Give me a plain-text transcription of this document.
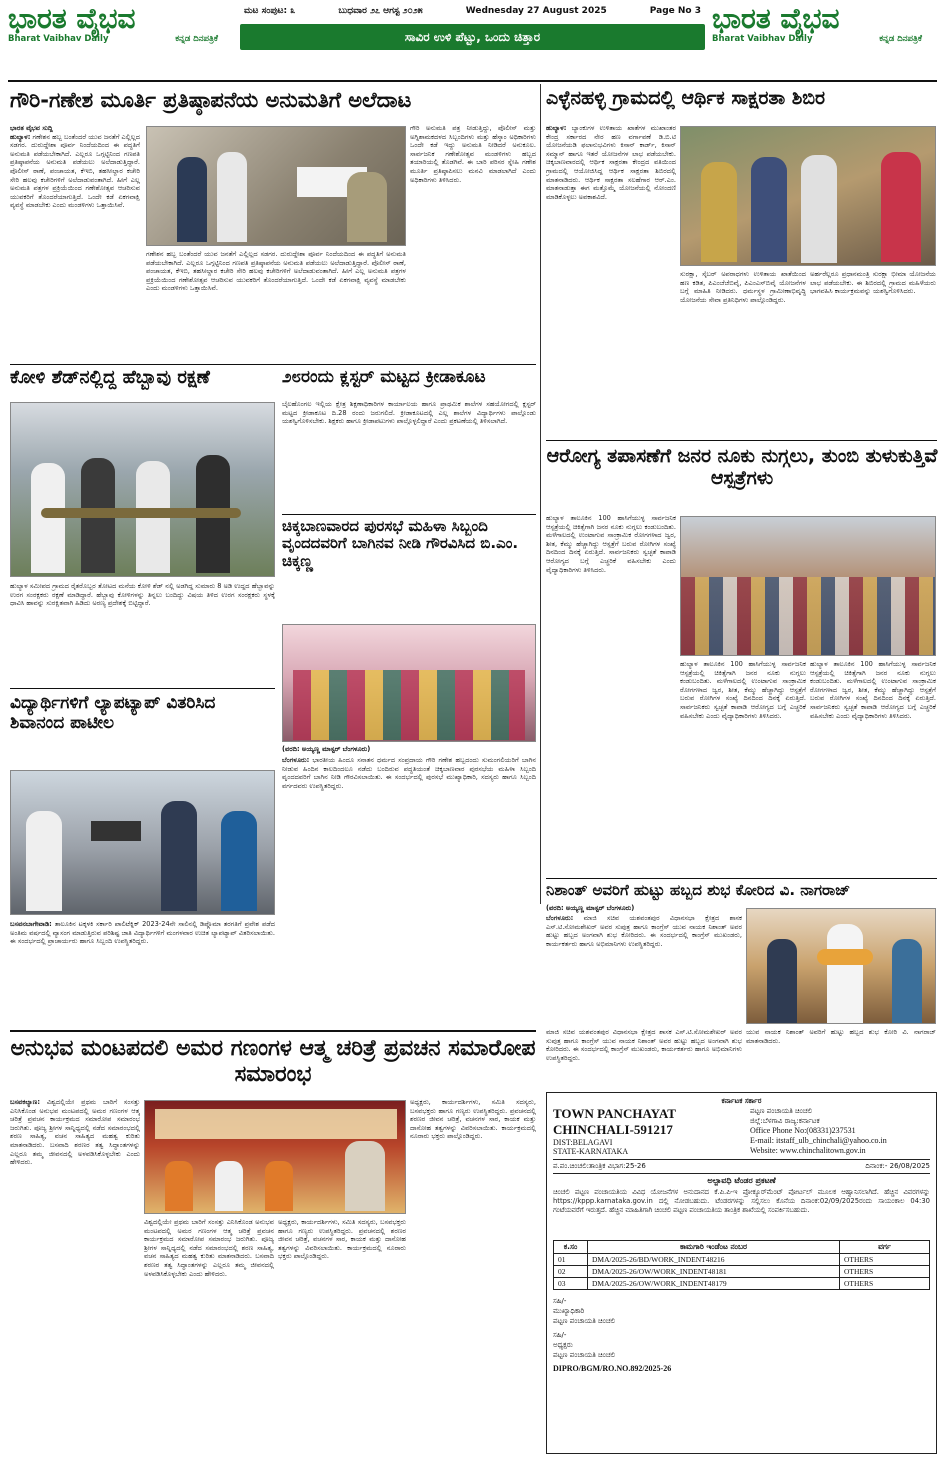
ಭಾರತ ವೈಭವ
Bharat Vaibhav Daily	ಕನ್ನಡ ದಿನಪತ್ರಿಕೆ
ಮಟ ಸಂಪುಟ: ೩	ಬುಧವಾರ ೨೭ ಆಗಸ್ಟ ೨೦೨೫	Wednesday 27 August 2025	Page No 3
ಸಾವಿರ ಉಳಿ ಪೆಟ್ಟು, ಒಂದು ಚಿತ್ತಾರ
ಭಾರತ ವೈಭವ
Bharat Vaibhav Daily	ಕನ್ನಡ ದಿನಪತ್ರಿಕೆ
ಗೌರಿ-ಗಣೇಶ ಮೂರ್ತಿ ಪ್ರತಿಷ್ಠಾಪನೆಯ ಅನುಮತಿಗೆ ಅಲೆದಾಟ
ಭಾರತ ವೈಭವ ಸುದ್ದಿ
ಹುಲ್ಯಾಳ: ಗಣೇಶನ ಹಬ್ಬ ಬಂತೆಂದರೆ ಯುವ ಜನತೆಗೆ ಎಲ್ಲಿಲ್ಲದ ಸಡಗರ. ದುರುದ್ದೇಶಾ ಪೂರ್ವ ನಿಂದೆಯದಿಂದ ಈ ಪದ್ಧತಿಗೆ ಅನುಮತಿ ಪಡೆಯಬೇಕಾಗಿದೆ. ಎಲ್ಲರೂ ಒಗ್ಗಟ್ಟಿನಿಂದ ಗಣಪತಿ ಪ್ರತಿಷ್ಠಾಪನೆಯ ಅನುಮತಿ ಪಡೆಯಲು ಅಲೆದಾಡುತ್ತಿದ್ದಾರೆ. ಪೊಲೀಸ್ ಠಾಣೆ, ಪಂಚಾಯತ, ಕೆಇಬಿ, ತಹಸೀಲ್ದಾರ ಕಚೇರಿ ಸೇರಿ ಹಲವು ಕಚೇರಿಗಳಿಗೆ ಅಲೆದಾಡುವಂತಾಗಿದೆ. ಹೀಗೆ ಎಲ್ಲ ಅನುಮತಿ ಪತ್ರಗಳ ಪ್ರಕ್ರಿಯೆಯಿಂದ ಗಣೇಶೋತ್ಸವ ಆಚರಿಸುವ ಯುವಕರಿಗೆ ತೊಂದರೆಯಾಗುತ್ತಿದೆ. ಒಂದೇ ಕಡೆ ಏಕಗವಾಕ್ಷಿ ವ್ಯವಸ್ಥೆ ಮಾಡಬೇಕು ಎಂದು ಮಂಡಳಿಗಳು ಒತ್ತಾಯಿಸಿವೆ.
ಗಣೇಶನ ಹಬ್ಬ ಬಂತೆಂದರೆ ಯುವ ಜನತೆಗೆ ಎಲ್ಲಿಲ್ಲದ ಸಡಗರ. ದುರುದ್ದೇಶಾ ಪೂರ್ವ ನಿಂದೆಯದಿಂದ ಈ ಪದ್ಧತಿಗೆ ಅನುಮತಿ ಪಡೆಯಬೇಕಾಗಿದೆ. ಎಲ್ಲರೂ ಒಗ್ಗಟ್ಟಿನಿಂದ ಗಣಪತಿ ಪ್ರತಿಷ್ಠಾಪನೆಯ ಅನುಮತಿ ಪಡೆಯಲು ಅಲೆದಾಡುತ್ತಿದ್ದಾರೆ. ಪೊಲೀಸ್ ಠಾಣೆ, ಪಂಚಾಯತ, ಕೆಇಬಿ, ತಹಸೀಲ್ದಾರ ಕಚೇರಿ ಸೇರಿ ಹಲವು ಕಚೇರಿಗಳಿಗೆ ಅಲೆದಾಡುವಂತಾಗಿದೆ. ಹೀಗೆ ಎಲ್ಲ ಅನುಮತಿ ಪತ್ರಗಳ ಪ್ರಕ್ರಿಯೆಯಿಂದ ಗಣೇಶೋತ್ಸವ ಆಚರಿಸುವ ಯುವಕರಿಗೆ ತೊಂದರೆಯಾಗುತ್ತಿದೆ. ಒಂದೇ ಕಡೆ ಏಕಗವಾಕ್ಷಿ ವ್ಯವಸ್ಥೆ ಮಾಡಬೇಕು ಎಂದು ಮಂಡಳಿಗಳು ಒತ್ತಾಯಿಸಿವೆ.
ಗೌರಿ ಅನುಮತಿ ಪತ್ರ ನೀಡುತ್ತಿದ್ದು, ಪೊಲೀಸ್ ಮತ್ತು ಅಗ್ನಿಶಾಮಕದಳದ ಸಿಬ್ಬಂದಿಗಳು ಮತ್ತು ಹೆಸ್ಕಾಂ ಅಧಿಕಾರಿಗಳು ಒಂದೇ ಕಡೆ ಇದ್ದು ಅನುಮತಿ ನೀಡಿದರೆ ಅನುಕೂಲ. ಸಾರ್ವಜನಿಕ ಗಣೇಶೋತ್ಸವ ಮಂಡಳಿಗಳು ಹಬ್ಬದ ತಯಾರಿಯಲ್ಲಿ ತೊಡಗಿವೆ. ಈ ಬಾರಿ ಪರಿಸರ ಸ್ನೇಹಿ ಗಣೇಶ ಮೂರ್ತಿ ಪ್ರತಿಷ್ಠಾಪಿಸಲು ಮನವಿ ಮಾಡಲಾಗಿದೆ ಎಂದು ಅಧಿಕಾರಿಗಳು ತಿಳಿಸಿದರು.
ಎಳ್ಳೆನಹಳ್ಳಿ ಗ್ರಾಮದಲ್ಲಿ ಆರ್ಥಿಕ ಸಾಕ್ಷರತಾ ಶಿಬಿರ
ಹುಲ್ಯಾಳ: ಬ್ಯಾಂಕುಗಳ ಉಳಿತಾಯ ಖಾತೆಗಳ ಮುಖಾಂತರ ಕೇಂದ್ರ ಸರ್ಕಾರದ ನೇರ ಹಣ ವರ್ಗಾವಣೆ ಡಿ.ಬಿ.ಟಿ ಯೋಜನೆಯಡಿ ಫಲಾನುಭವಿಗಳು ಕಿಸಾನ್ ಕಾರ್ಡ್, ಕಿಸಾನ್ ಸಮ್ಮಾನ್ ಹಾಗೂ ಇತರೆ ಯೋಜನೆಗಳ ಲಾಭ ಪಡೆಯಬೇಕು. ಚಿಕ್ಕಬಾಣವಾರದಲ್ಲಿ ಆರ್ಥಿಕ ಸಾಕ್ಷರತಾ ಕೇಂದ್ರದ ವತಿಯಿಂದ ಗ್ರಾಮದಲ್ಲಿ ಆಯೋಜಿಸಿದ್ದ ಆರ್ಥಿಕ ಸಾಕ್ಷರತಾ ಶಿಬಿರದಲ್ಲಿ ಮಾತನಾಡಿದರು. ಆರ್ಥಿಕ ಸಾಕ್ಷರತಾ ಸಲಹೆಗಾರ ಆರ್.ಎಂ. ಮಾತನಾಡುತ್ತಾ ಈಗ ಮತ್ತೊಮ್ಮೆ ಯೋಜನೆಯಲ್ಲಿ ನೋಂದಣಿ ಮಾಡಿಕೊಳ್ಳಲು ಅವಕಾಶವಿದೆ.
ಸುರಕ್ಷಾ, ಸೈಬರ್ ಅಪರಾಧಗಳು ಉಳಿತಾಯ ಖಾತೆಯಿಂದ ಹಣ ಕಡಿತ, ಪಿಎಂಜೆಜೆಬಿವೈ, ಪಿಎಂಎಸ್‌ಬಿವೈ ಯೋಜನೆಗಳ ಬಗ್ಗೆ ಮಾಹಿತಿ ನೀಡಿದರು. ಧರ್ಮಸ್ಥಳ ಗ್ರಾಮೀಣಾಭಿವೃದ್ಧಿ ಯೋಜನೆಯ ಸೇವಾ ಪ್ರತಿನಿಧಿಗಳು ಪಾಲ್ಗೊಂಡಿದ್ದರು.
ಅರ್ಹರೆಲ್ಲರೂ ಪ್ರಧಾನಮಂತ್ರಿ ಸುರಕ್ಷಾ ಭೀಮಾ ಯೋಜನೆಯ ಲಾಭ ಪಡೆಯಬೇಕು. ಈ ಶಿಬಿರದಲ್ಲಿ ಗ್ರಾಮದ ಮಹಿಳೆಯರು ಭಾಗವಹಿಸಿ ಕಾರ್ಯಕ್ರಮವನ್ನು ಯಶಸ್ವಿಗೊಳಿಸಿದರು.
ಕೋಳಿ ಶೆಡ್‌ನಲ್ಲಿದ್ದ ಹೆಬ್ಬಾವು ರಕ್ಷಣೆ
ಹುಲ್ಯಾಳ ಸಮೀಪದ ಗ್ರಾಮದ ರೈತರೊಬ್ಬರ ತೋಟದ ಮನೆಯ ಕೋಳಿ ಶೆಡ್ ನಲ್ಲಿ ಅಡಗಿದ್ದ ಸುಮಾರು 8 ಅಡಿ ಉದ್ದದ ಹೆಬ್ಬಾವನ್ನು ಉರಗ ಸಂರಕ್ಷಕರು ರಕ್ಷಣೆ ಮಾಡಿದ್ದಾರೆ. ಹೆಬ್ಬಾವು ಕೋಳಿಗಳನ್ನು ತಿನ್ನಲು ಬಂದಿದ್ದು ವಿಷಯ ತಿಳಿದ ಉರಗ ಸಂರಕ್ಷಕರು ಸ್ಥಳಕ್ಕೆ ಧಾವಿಸಿ ಹಾವನ್ನು ಸುರಕ್ಷಿತವಾಗಿ ಹಿಡಿದು ಅರಣ್ಯ ಪ್ರದೇಶಕ್ಕೆ ಬಿಟ್ಟಿದ್ದಾರೆ.
೨೮ರಂದು ಕ್ಲಸ್ಟರ್ ಮಟ್ಟದ ಕ್ರೀಡಾಕೂಟ
ಬೈಲಹೊಂಗಲ ಇಲ್ಲಿಯ ಕ್ಷೇತ್ರ ಶಿಕ್ಷಣಾಧಿಕಾರಿಗಳ ಕಾರ್ಯಾಲಯ ಹಾಗೂ ಪ್ರಾಥಮಿಕ ಶಾಲೆಗಳ ಸಹಯೋಗದಲ್ಲಿ ಕ್ಲಸ್ಟರ್ ಮಟ್ಟದ ಕ್ರೀಡಾಕೂಟ ದಿ.28 ರಂದು ಜರುಗಲಿದೆ. ಕ್ರೀಡಾಕೂಟದಲ್ಲಿ ಎಲ್ಲ ಶಾಲೆಗಳ ವಿದ್ಯಾರ್ಥಿಗಳು ಪಾಲ್ಗೊಂಡು ಯಶಸ್ವಿಗೊಳಿಸಬೇಕು. ಶಿಕ್ಷಕರು ಹಾಗೂ ಕ್ರೀಡಾಪಟುಗಳು ಪಾಲ್ಗೊಳ್ಳಲಿದ್ದಾರೆ ಎಂದು ಪ್ರಕಟಣೆಯಲ್ಲಿ ತಿಳಿಸಲಾಗಿದೆ.
ಚಿಕ್ಕಬಾಣವಾರದ ಪುರಸಭೆ ಮಹಿಳಾ ಸಿಬ್ಬಂದಿ ವೃಂದದವರಿಗೆ ಬಾಗಿನವ ನೀಡಿ ಗೌರವಿಸಿದ ಬಿ.ಎಂ. ಚಿಕ್ಕಣ್ಣ
(ವರದಿ: ಅಯ್ಯಣ್ಣ ಮಾಸ್ಟರ್ ಬೆಂಗಳೂರು)
ಬೆಂಗಳೂರು: ಭಾರತೀಯ ಹಿಂದೂ ಸನಾತನ ಧರ್ಮದ ಸಂಪ್ರದಾಯ ಗೌರಿ ಗಣೇಶ ಹಬ್ಬದಂದು ಸುಮಂಗಲಿಯರಿಗೆ ಬಾಗಿನ ನೀಡುವ ಹಿಂದಿನ ಕಾಲದಿಂದಲೂ ನಡೆದು ಬಂದಿರುವ ಪದ್ಧತಿಯಂತೆ ಚಿಕ್ಕಬಾಣವಾರ ಪುರಸಭೆಯ ಮಹಿಳಾ ಸಿಬ್ಬಂದಿ ವೃಂದದವರಿಗೆ ಬಾಗಿನ ನೀಡಿ ಗೌರವಿಸಲಾಯಿತು. ಈ ಸಂದರ್ಭದಲ್ಲಿ ಪುರಸಭೆ ಮುಖ್ಯಾಧಿಕಾರಿ, ಸದಸ್ಯರು ಹಾಗೂ ಸಿಬ್ಬಂದಿ ವರ್ಗದವರು ಉಪಸ್ಥಿತರಿದ್ದರು.
ವಿದ್ಯಾರ್ಥಿಗಳಿಗೆ ಲ್ಯಾಪಟ್ಯಾಪ್ ವಿತರಿಸಿದ ಶಿವಾನಂದ ಪಾಟೀಲ
ಬಸವನಬಾಗೇವಾಡಿ: ತಾಲೂಕಿನ ಟಕ್ಕಳಕಿ ಸರ್ಕಾರಿ ಪಾಲಿಟೆಕ್ನಿಕ್ 2023-24ನೇ ಸಾಲಿನಲ್ಲಿ ಡಿಪ್ಲೊಮಾ ತರಗತಿಗೆ ಪ್ರವೇಶ ಪಡೆದ ಅಂತಿಮ ವರ್ಷದಲ್ಲಿ ವ್ಯಾಸಂಗ ಮಾಡುತ್ತಿರುವ ಪರಿಶಿಷ್ಟ ಜಾತಿ ವಿದ್ಯಾರ್ಥಿಗಳಿಗೆ ಮಂಗಳವಾರ ಉಚಿತ ಲ್ಯಾಪಟ್ಯಾಪ್ ವಿತರಿಸಲಾಯಿತು. ಈ ಸಂದರ್ಭದಲ್ಲಿ ಪ್ರಾಚಾರ್ಯರು ಹಾಗೂ ಸಿಬ್ಬಂದಿ ಉಪಸ್ಥಿತರಿದ್ದರು.
ಆರೋಗ್ಯ ತಪಾಸಣೆಗೆ ಜನರ ನೂಕು ನುಗ್ಗಲು, ತುಂಬಿ ತುಳುಕುತ್ತಿವೆ ಆಸ್ಪತ್ರೆಗಳು
ಹುಲ್ಯಾಳ ತಾಲೂಕಿನ 100 ಹಾಸಿಗೆಯುಳ್ಳ ಸಾರ್ವಜನಿಕ ಆಸ್ಪತ್ರೆಯಲ್ಲಿ ಚಿಕಿತ್ಸೆಗಾಗಿ ಜನರ ನೂಕು ನುಗ್ಗಲು ಕಂಡುಬಂದಿತು. ಮಳೆಗಾಲದಲ್ಲಿ ಉಂಟಾಗುವ ಸಾಂಕ್ರಾಮಿಕ ರೋಗಗಳಾದ ಜ್ವರ, ಶೀತ, ಕೆಮ್ಮು ಹೆಚ್ಚಾಗಿದ್ದು ಆಸ್ಪತ್ರೆಗೆ ಬರುವ ರೋಗಿಗಳ ಸಂಖ್ಯೆ ದಿನದಿಂದ ದಿನಕ್ಕೆ ಏರುತ್ತಿದೆ. ಸಾರ್ವಜನಿಕರು ಸ್ವಚ್ಛತೆ ಕಾಪಾಡಿ ಆರೋಗ್ಯದ ಬಗ್ಗೆ ಎಚ್ಚರಿಕೆ ವಹಿಸಬೇಕು ಎಂದು ವೈದ್ಯಾಧಿಕಾರಿಗಳು ತಿಳಿಸಿದರು.
ಹುಲ್ಯಾಳ ತಾಲೂಕಿನ 100 ಹಾಸಿಗೆಯುಳ್ಳ ಸಾರ್ವಜನಿಕ ಆಸ್ಪತ್ರೆಯಲ್ಲಿ ಚಿಕಿತ್ಸೆಗಾಗಿ ಜನರ ನೂಕು ನುಗ್ಗಲು ಕಂಡುಬಂದಿತು. ಮಳೆಗಾಲದಲ್ಲಿ ಉಂಟಾಗುವ ಸಾಂಕ್ರಾಮಿಕ ರೋಗಗಳಾದ ಜ್ವರ, ಶೀತ, ಕೆಮ್ಮು ಹೆಚ್ಚಾಗಿದ್ದು ಆಸ್ಪತ್ರೆಗೆ ಬರುವ ರೋಗಿಗಳ ಸಂಖ್ಯೆ ದಿನದಿಂದ ದಿನಕ್ಕೆ ಏರುತ್ತಿದೆ. ಸಾರ್ವಜನಿಕರು ಸ್ವಚ್ಛತೆ ಕಾಪಾಡಿ ಆರೋಗ್ಯದ ಬಗ್ಗೆ ಎಚ್ಚರಿಕೆ ವಹಿಸಬೇಕು ಎಂದು ವೈದ್ಯಾಧಿಕಾರಿಗಳು ತಿಳಿಸಿದರು.
ಹುಲ್ಯಾಳ ತಾಲೂಕಿನ 100 ಹಾಸಿಗೆಯುಳ್ಳ ಸಾರ್ವಜನಿಕ ಆಸ್ಪತ್ರೆಯಲ್ಲಿ ಚಿಕಿತ್ಸೆಗಾಗಿ ಜನರ ನೂಕು ನುಗ್ಗಲು ಕಂಡುಬಂದಿತು. ಮಳೆಗಾಲದಲ್ಲಿ ಉಂಟಾಗುವ ಸಾಂಕ್ರಾಮಿಕ ರೋಗಗಳಾದ ಜ್ವರ, ಶೀತ, ಕೆಮ್ಮು ಹೆಚ್ಚಾಗಿದ್ದು ಆಸ್ಪತ್ರೆಗೆ ಬರುವ ರೋಗಿಗಳ ಸಂಖ್ಯೆ ದಿನದಿಂದ ದಿನಕ್ಕೆ ಏರುತ್ತಿದೆ. ಸಾರ್ವಜನಿಕರು ಸ್ವಚ್ಛತೆ ಕಾಪಾಡಿ ಆರೋಗ್ಯದ ಬಗ್ಗೆ ಎಚ್ಚರಿಕೆ ವಹಿಸಬೇಕು ಎಂದು ವೈದ್ಯಾಧಿಕಾರಿಗಳು ತಿಳಿಸಿದರು.
ನಿಶಾಂತ್ ಅವರಿಗೆ ಹುಟ್ಟು ಹಬ್ಬದ ಶುಭ ಕೋರಿದ ವಿ. ನಾಗರಾಜ್
(ವರದಿ: ಅಯ್ಯಣ್ಣ ಮಾಸ್ಟರ್ ಬೆಂಗಳೂರು)
ಬೆಂಗಳೂರು: ಮಾಜಿ ಸಚಿವ ಯಶವಂತಪುರ ವಿಧಾನಸಭಾ ಕ್ಷೇತ್ರದ ಶಾಸಕ ಎಸ್.ಟಿ.ಸೋಮಶೇಖರ್ ಅವರ ಸುಪುತ್ರ ಹಾಗೂ ಕಾಂಗ್ರೆಸ್ ಯುವ ನಾಯಕ ನಿಶಾಂತ್ ಅವರ ಹುಟ್ಟು ಹಬ್ಬದ ಅಂಗವಾಗಿ ಶುಭ ಕೋರಿದರು. ಈ ಸಂದರ್ಭದಲ್ಲಿ ಕಾಂಗ್ರೆಸ್ ಮುಖಂಡರು, ಕಾರ್ಯಕರ್ತರು ಹಾಗೂ ಅಭಿಮಾನಿಗಳು ಉಪಸ್ಥಿತರಿದ್ದರು.
ಯುವ ನಾಯಕ ನಿಶಾಂತ್ ಅವರಿಗೆ ಹುಟ್ಟು ಹಬ್ಬದ ಶುಭ ಕೋರಿ ವಿ. ನಾಗರಾಜ್ ಮಾತನಾಡಿದರು.
ಮಾಜಿ ಸಚಿವ ಯಶವಂತಪುರ ವಿಧಾನಸಭಾ ಕ್ಷೇತ್ರದ ಶಾಸಕ ಎಸ್.ಟಿ.ಸೋಮಶೇಖರ್ ಅವರ ಸುಪುತ್ರ ಹಾಗೂ ಕಾಂಗ್ರೆಸ್ ಯುವ ನಾಯಕ ನಿಶಾಂತ್ ಅವರ ಹುಟ್ಟು ಹಬ್ಬದ ಅಂಗವಾಗಿ ಶುಭ ಕೋರಿದರು. ಈ ಸಂದರ್ಭದಲ್ಲಿ ಕಾಂಗ್ರೆಸ್ ಮುಖಂಡರು, ಕಾರ್ಯಕರ್ತರು ಹಾಗೂ ಅಭಿಮಾನಿಗಳು ಉಪಸ್ಥಿತರಿದ್ದರು.
ಅನುಭವ ಮಂಟಪದಲಿ ಅಮರ ಗಣಂಗಳ ಆತ್ಮ ಚರಿತ್ರೆ ಪ್ರವಚನ ಸಮಾರೋಪ ಸಮಾರಂಭ
ಬಸವಕಲ್ಯಾಣ: ವಿಶ್ವದಲ್ಲಿಯೇ ಪ್ರಥಮ ಬಾರಿಗೆ ಸಂಸತ್ತು ಎನಿಸಿಕೊಂಡ ಅನುಭವ ಮಂಟಪದಲ್ಲಿ ಅಮರ ಗಣಂಗಳ ಆತ್ಮ ಚರಿತ್ರೆ ಪ್ರವಚನ ಕಾರ್ಯಕ್ರಮದ ಸಮಾರೋಪ ಸಮಾರಂಭ ಜರುಗಿತು. ಪೂಜ್ಯ ಶ್ರೀಗಳ ಸಾನ್ನಿಧ್ಯದಲ್ಲಿ ನಡೆದ ಸಮಾರಂಭದಲ್ಲಿ ಶರಣ ಸಾಹಿತ್ಯ, ವಚನ ಸಾಹಿತ್ಯದ ಮಹತ್ವ ಕುರಿತು ಮಾತನಾಡಿದರು. ಬಸವಾದಿ ಶರಣರ ತತ್ವ ಸಿದ್ಧಾಂತಗಳನ್ನು ಎಲ್ಲರೂ ತಮ್ಮ ಜೀವನದಲ್ಲಿ ಅಳವಡಿಸಿಕೊಳ್ಳಬೇಕು ಎಂದು ಹೇಳಿದರು.
ವಿಶ್ವದಲ್ಲಿಯೇ ಪ್ರಥಮ ಬಾರಿಗೆ ಸಂಸತ್ತು ಎನಿಸಿಕೊಂಡ ಅನುಭವ ಮಂಟಪದಲ್ಲಿ ಅಮರ ಗಣಂಗಳ ಆತ್ಮ ಚರಿತ್ರೆ ಪ್ರವಚನ ಕಾರ್ಯಕ್ರಮದ ಸಮಾರೋಪ ಸಮಾರಂಭ ಜರುಗಿತು. ಪೂಜ್ಯ ಶ್ರೀಗಳ ಸಾನ್ನಿಧ್ಯದಲ್ಲಿ ನಡೆದ ಸಮಾರಂಭದಲ್ಲಿ ಶರಣ ಸಾಹಿತ್ಯ, ವಚನ ಸಾಹಿತ್ಯದ ಮಹತ್ವ ಕುರಿತು ಮಾತನಾಡಿದರು. ಬಸವಾದಿ ಶರಣರ ತತ್ವ ಸಿದ್ಧಾಂತಗಳನ್ನು ಎಲ್ಲರೂ ತಮ್ಮ ಜೀವನದಲ್ಲಿ ಅಳವಡಿಸಿಕೊಳ್ಳಬೇಕು ಎಂದು ಹೇಳಿದರು.
ಅಧ್ಯಕ್ಷರು, ಕಾರ್ಯದರ್ಶಿಗಳು, ಸಮಿತಿ ಸದಸ್ಯರು, ಬಸವಭಕ್ತರು ಹಾಗೂ ಗಣ್ಯರು ಉಪಸ್ಥಿತರಿದ್ದರು. ಪ್ರವಚನದಲ್ಲಿ ಶರಣರ ಜೀವನ ಚರಿತ್ರೆ, ವಚನಗಳ ಸಾರ, ಕಾಯಕ ಮತ್ತು ದಾಸೋಹ ತತ್ವಗಳನ್ನು ವಿವರಿಸಲಾಯಿತು. ಕಾರ್ಯಕ್ರಮದಲ್ಲಿ ನೂರಾರು ಭಕ್ತರು ಪಾಲ್ಗೊಂಡಿದ್ದರು.
ಅಧ್ಯಕ್ಷರು, ಕಾರ್ಯದರ್ಶಿಗಳು, ಸಮಿತಿ ಸದಸ್ಯರು, ಬಸವಭಕ್ತರು ಹಾಗೂ ಗಣ್ಯರು ಉಪಸ್ಥಿತರಿದ್ದರು. ಪ್ರವಚನದಲ್ಲಿ ಶರಣರ ಜೀವನ ಚರಿತ್ರೆ, ವಚನಗಳ ಸಾರ, ಕಾಯಕ ಮತ್ತು ದಾಸೋಹ ತತ್ವಗಳನ್ನು ವಿವರಿಸಲಾಯಿತು. ಕಾರ್ಯಕ್ರಮದಲ್ಲಿ ನೂರಾರು ಭಕ್ತರು ಪಾಲ್ಗೊಂಡಿದ್ದರು.
ಕರ್ನಾಟಕ ಸರ್ಕಾರ
TOWN PANCHAYAT
CHINCHALI-591217
DIST:BELAGAVI
STATE-KARNATAKA
ಪಟ್ಟಣ ಪಂಚಾಯತಿ ಚಿಂಚಲಿ
ಜಿಲ್ಲೆ:ಬೆಳಗಾವಿ ರಾಜ್ಯ:ಕರ್ನಾಟಕ
Office Phone No:(08331)237531
E-mail: itstaff_ulb_chinchali@yahoo.co.in
Website: www.chinchalitown.gov.in
ಪ.ಪಂ.ಚಿಂಚಲಿ:ತಾಂತ್ರಿಕ ವಿಭಾಗ:25-26	ದಿನಾಂಕ:- 26/08/2025
ಅಲ್ಪಾವಧಿ ಟೆಂಡರ ಪ್ರಕಟಣೆ
ಚಿಂಚಲಿ ಪಟ್ಟಣ ಪಂಚಾಯತಿಯ ವಿವಿಧ ಯೋಜನೆಗಳ ಅನುದಾನದ ಕೆ.ಪಿ.ಪಿ-ಇ ಪ್ರೋಕ್ಯೂರ್‌ಮೆಂಟ್ ಪೋರ್ಟಲ್ ಮೂಲಕ ಆಹ್ವಾನಿಸಲಾಗಿದೆ. ಹೆಚ್ಚಿನ ವಿವರಗಳನ್ನು https://kppp.karnataka.gov.in ದಲ್ಲಿ ನೋಡಬಹುದು. ಟೆಂಡರಗಳನ್ನು ಸಲ್ಲಿಸಲು ಕೊನೆಯ ದಿನಾಂಕ:02/09/2025ರಂದು ಸಾಯಂಕಾಲ 04:30 ಗಂಟೆಯವರೆಗೆ ಇರುತ್ತದೆ. ಹೆಚ್ಚಿನ ಮಾಹಿತಿಗಾಗಿ ಚಿಂಚಲಿ ಪಟ್ಟಣ ಪಂಚಾಯತಿಯ ತಾಂತ್ರಿಕ ಶಾಖೆಯಲ್ಲಿ ಸಂಪರ್ಕಿಸಬಹುದು.
ಕ.ಸಂ	ಕಾಮಗಾರಿ ಇಂಡೆಂಟ ನಂಬರ	ವರ್ಗ
01	DMA/2025-26/BD/WORK_INDENT48216	OTHERS
02	DMA/2025-26/OW/WORK_INDENT48181	OTHERS
03	DMA/2025-26/OW/WORK_INDENT48179	OTHERS
ಸಹಿ/-
ಮುಖ್ಯಾಧಿಕಾರಿ
ಪಟ್ಟಣ ಪಂಚಾಯತಿ ಚಿಂಚಲಿ
ಸಹಿ/-
ಅಧ್ಯಕ್ಷರು
ಪಟ್ಟಣ ಪಂಚಾಯತಿ ಚಿಂಚಲಿ
DIPRO/BGM/RO.NO.892/2025-26
